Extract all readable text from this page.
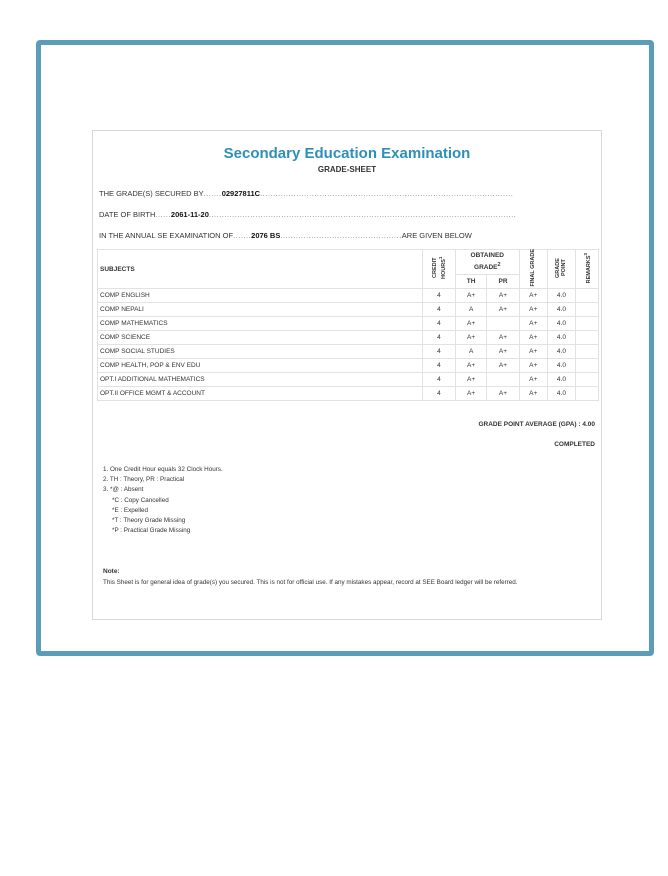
Secondary Education Examination
GRADE-SHEET
THE GRADE(S) SECURED BY.......02927811C..................................................................................................
DATE OF BIRTH......2061-11-20.......................................................................................................................
IN THE ANNUAL SE EXAMINATION OF.......2076 BS...............................................ARE GIVEN BELOW
SUBJECTS	CREDIT HOURS$^1$	OBTAINED
GRADE$^2$		FINAL GRADE	GRADE POINT	REMARKS$^3$
		TH	PR			
COMP ENGLISH	4	A+	A+	A+	4.0	
COMP NEPALI	4	A	A+	A+	4.0	
COMP MATHEMATICS	4	A+		A+	4.0	
COMP SCIENCE	4	A+	A+	A+	4.0	
COMP SOCIAL STUDIES	4	A	A+	A+	4.0	
COMP HEALTH, POP & ENV EDU	4	A+	A+	A+	4.0	
OPT.I ADDITIONAL MATHEMATICS	4	A+		A+	4.0	
OPT.II OFFICE MGMT & ACCOUNT	4	A+	A+	A+	4.0	
GRADE POINT AVERAGE (GPA) : 4.00
COMPLETED
1. One Credit Hour equals 32 Clock Hours.
2. TH : Theory, PR : Practical
3. *@ : Absent
*C : Copy Cancelled
*E : Expelled
*T : Theory Grade Missing
*P : Practical Grade Missing
Note:
This Sheet is for general idea of grade(s) you secured. This is not for official use. If any mistakes appear, record at SEE Board ledger will be referred.
